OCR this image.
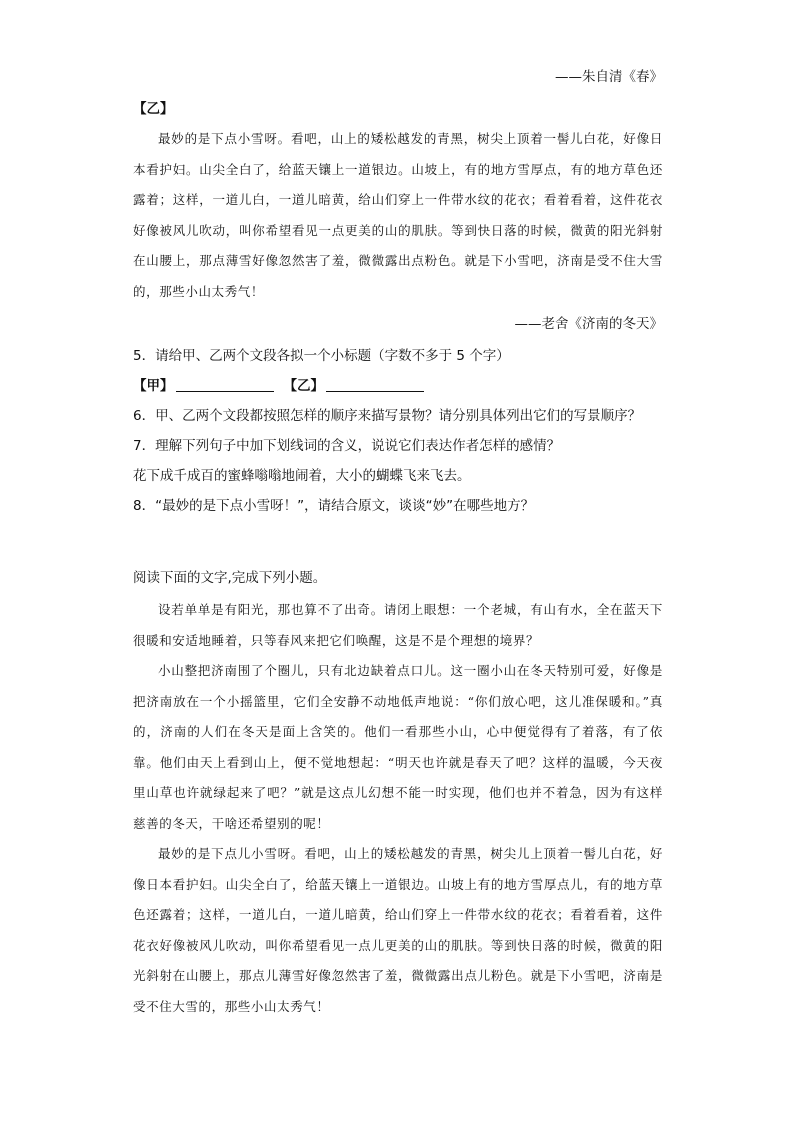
——朱自清《春》
【乙】

最妙的是下点小雪呀。看吧，山上的矮松越发的青黑，树尖上顶着一髻儿白花，好像日本看护妇。山尖全白了，给蓝天镶上一道银边。山坡上，有的地方雪厚点，有的地方草色还露着；这样，一道儿白，一道儿暗黄，给山们穿上一件带水纹的花衣；看着看着，这件花衣好像被风儿吹动，叫你希望看见一点更美的山的肌肤。等到快日落的时候，微黄的阳光斜射在山腰上，那点薄雪好像忽然害了羞，微微露出点粉色。就是下小雪吧，济南是受不住大雪的，那些小山太秀气！

——老舍《济南的冬天》
5．请给甲、乙两个文段各拟一个小标题（字数不多于 5 个字）
【甲】	【乙】
6．甲、乙两个文段都按照怎样的顺序来描写景物？请分别具体列出它们的写景顺序？
7．理解下列句子中加下划线词的含义，说说它们表达作者怎样的感情？
花下成千成百的蜜蜂嗡嗡地闹着，大小的蝴蝶飞来飞去。
8．“最妙的是下点小雪呀！”，请结合原文，谈谈“妙”在哪些地方？
阅读下面的文字,完成下列小题。

设若单单是有阳光，那也算不了出奇。请闭上眼想：一个老城，有山有水，全在蓝天下很暖和安适地睡着，只等春风来把它们唤醒，这是不是个理想的境界？

小山整把济南围了个圈儿，只有北边缺着点口儿。这一圈小山在冬天特别可爱，好像是把济南放在一个小摇篮里，它们全安静不动地低声地说：“你们放心吧，这儿准保暖和。”真的，济南的人们在冬天是面上含笑的。他们一看那些小山，心中便觉得有了着落，有了依靠。他们由天上看到山上，便不觉地想起：“明天也许就是春天了吧？这样的温暖，今天夜里山草也许就绿起来了吧？”就是这点儿幻想不能一时实现，他们也并不着急，因为有这样慈善的冬天，干啥还希望别的呢！

最妙的是下点儿小雪呀。看吧，山上的矮松越发的青黑，树尖儿上顶着一髻儿白花，好像日本看护妇。山尖全白了，给蓝天镶上一道银边。山坡上有的地方雪厚点儿，有的地方草色还露着；这样，一道儿白，一道儿暗黄，给山们穿上一件带水纹的花衣；看着看着，这件花衣好像被风儿吹动，叫你希望看见一点儿更美的山的肌肤。等到快日落的时候，微黄的阳光斜射在山腰上，那点儿薄雪好像忽然害了羞，微微露出点儿粉色。就是下小雪吧，济南是受不住大雪的，那些小山太秀气！
